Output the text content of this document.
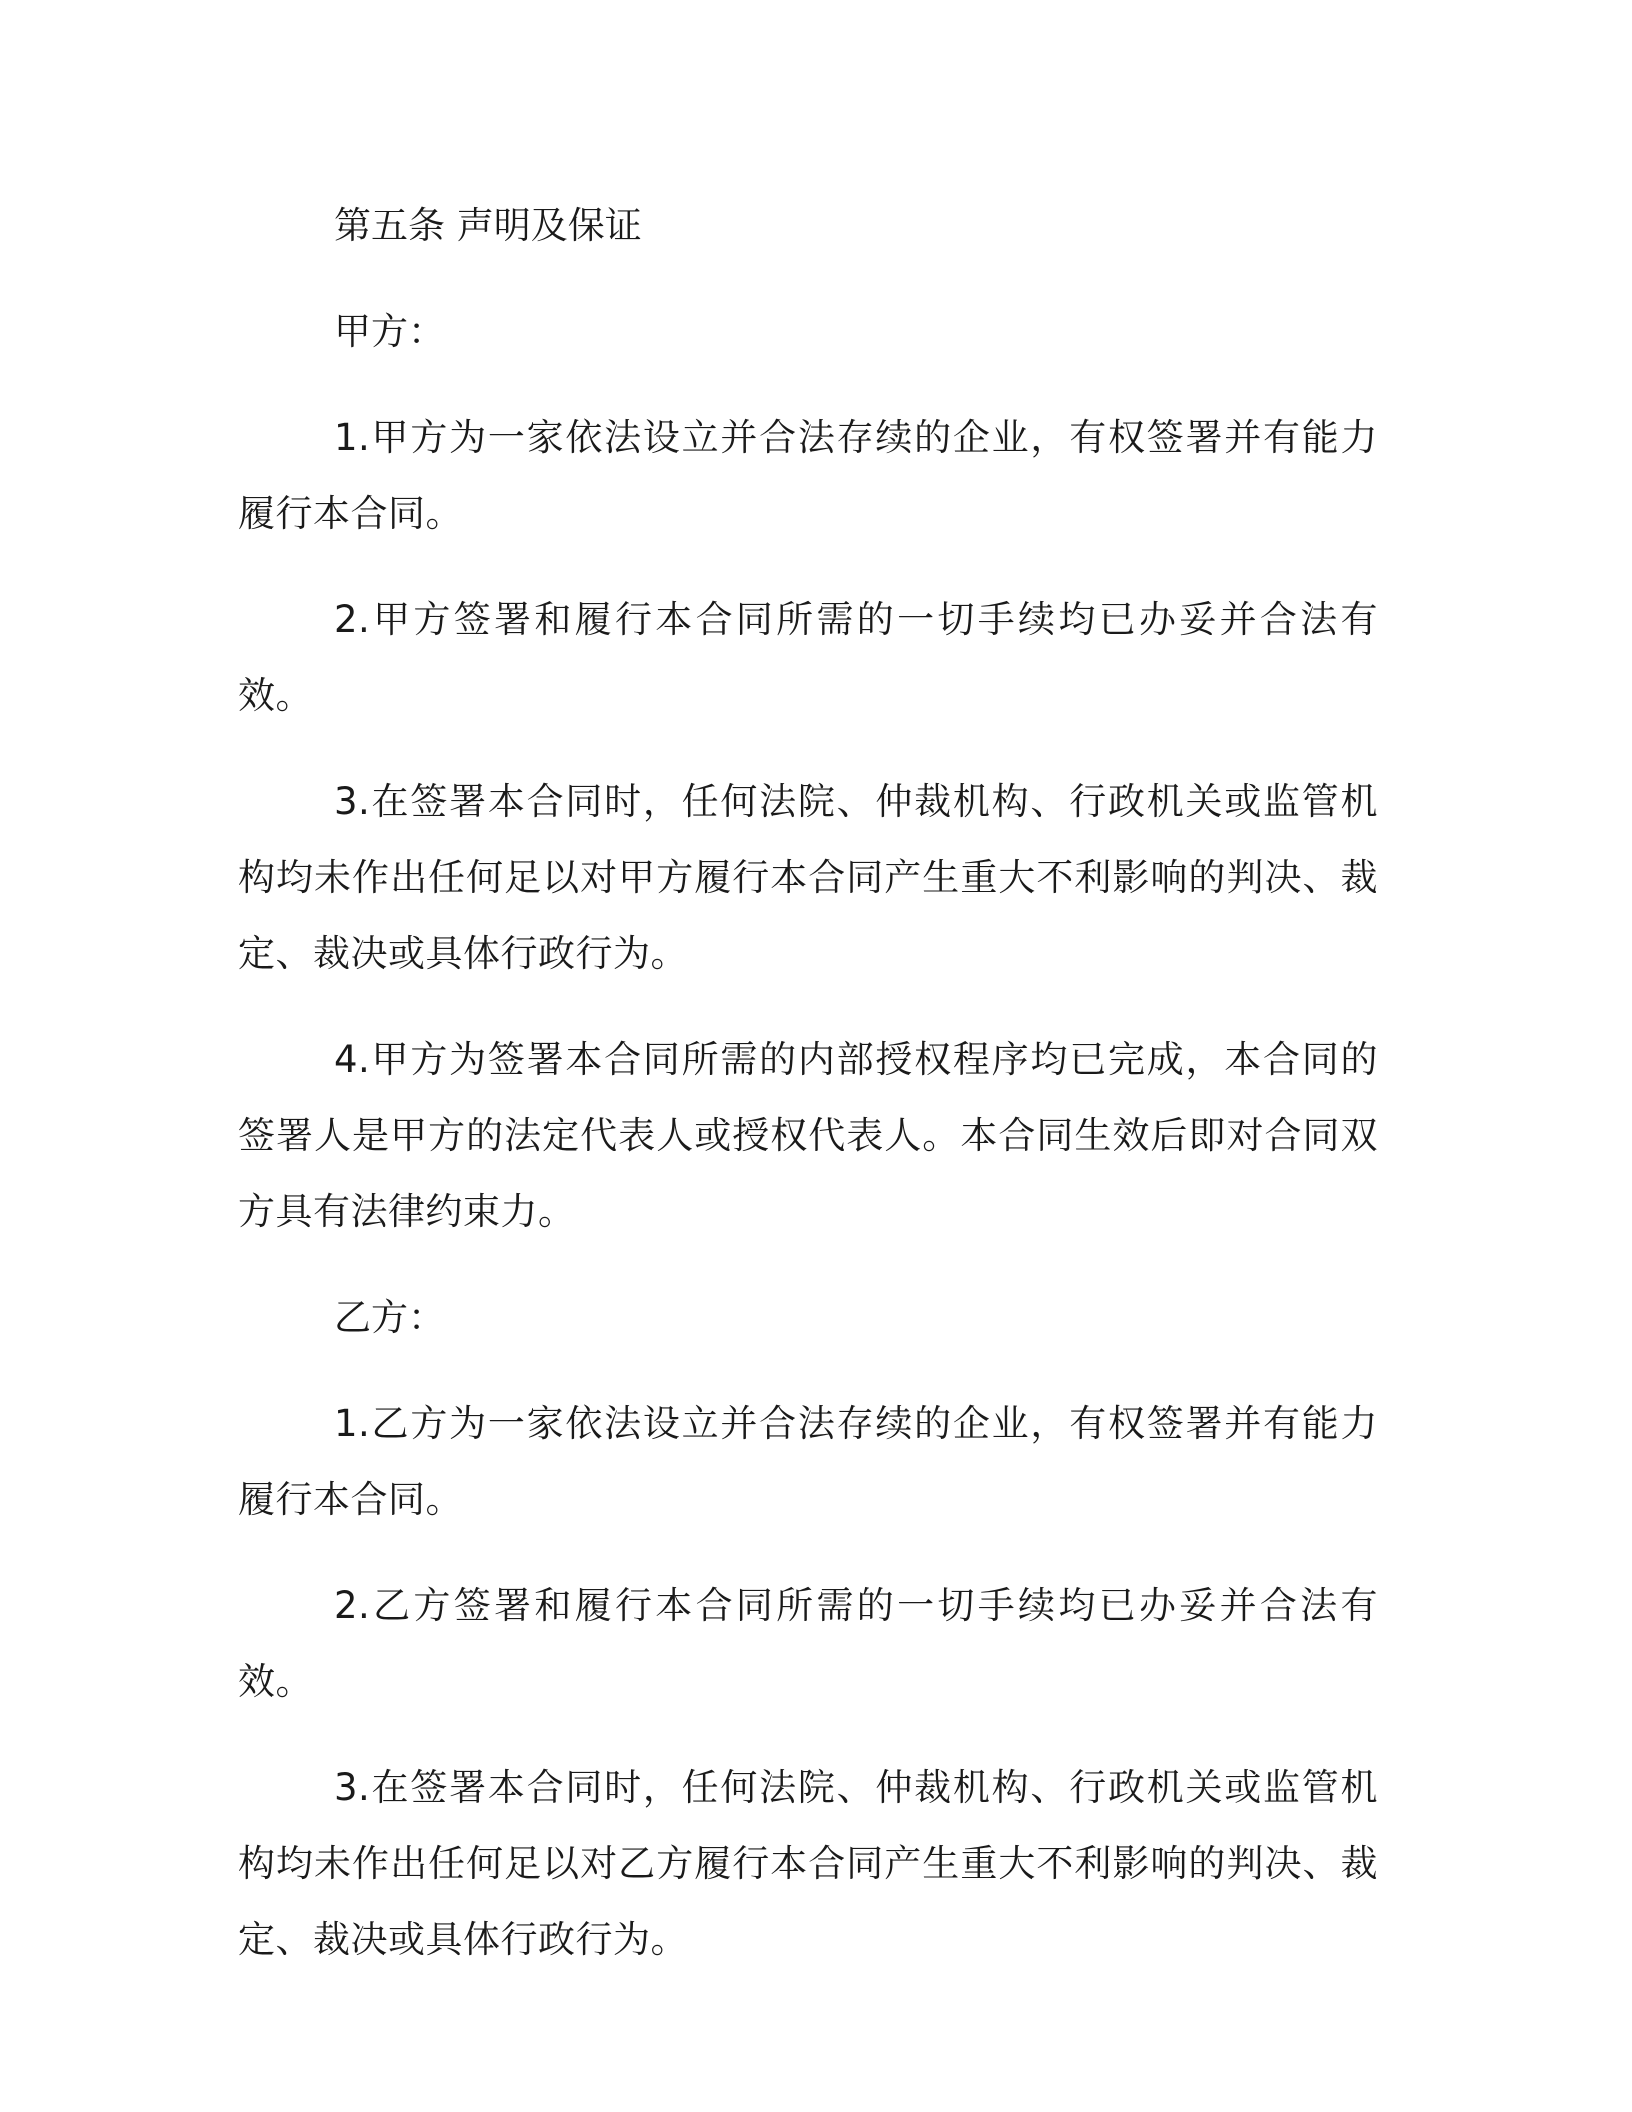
第五条 声明及保证

甲方：

1.甲方为一家依法设立并合法存续的企业，有权签署并有能力履行本合同。

2.甲方签署和履行本合同所需的一切手续均已办妥并合法有效。

3.在签署本合同时，任何法院、仲裁机构、行政机关或监管机构均未作出任何足以对甲方履行本合同产生重大不利影响的判决、裁定、裁决或具体行政行为。

4.甲方为签署本合同所需的内部授权程序均已完成，本合同的签署人是甲方的法定代表人或授权代表人。本合同生效后即对合同双方具有法律约束力。

乙方：

1.乙方为一家依法设立并合法存续的企业，有权签署并有能力履行本合同。

2.乙方签署和履行本合同所需的一切手续均已办妥并合法有效。

3.在签署本合同时，任何法院、仲裁机构、行政机关或监管机构均未作出任何足以对乙方履行本合同产生重大不利影响的判决、裁定、裁决或具体行政行为。
